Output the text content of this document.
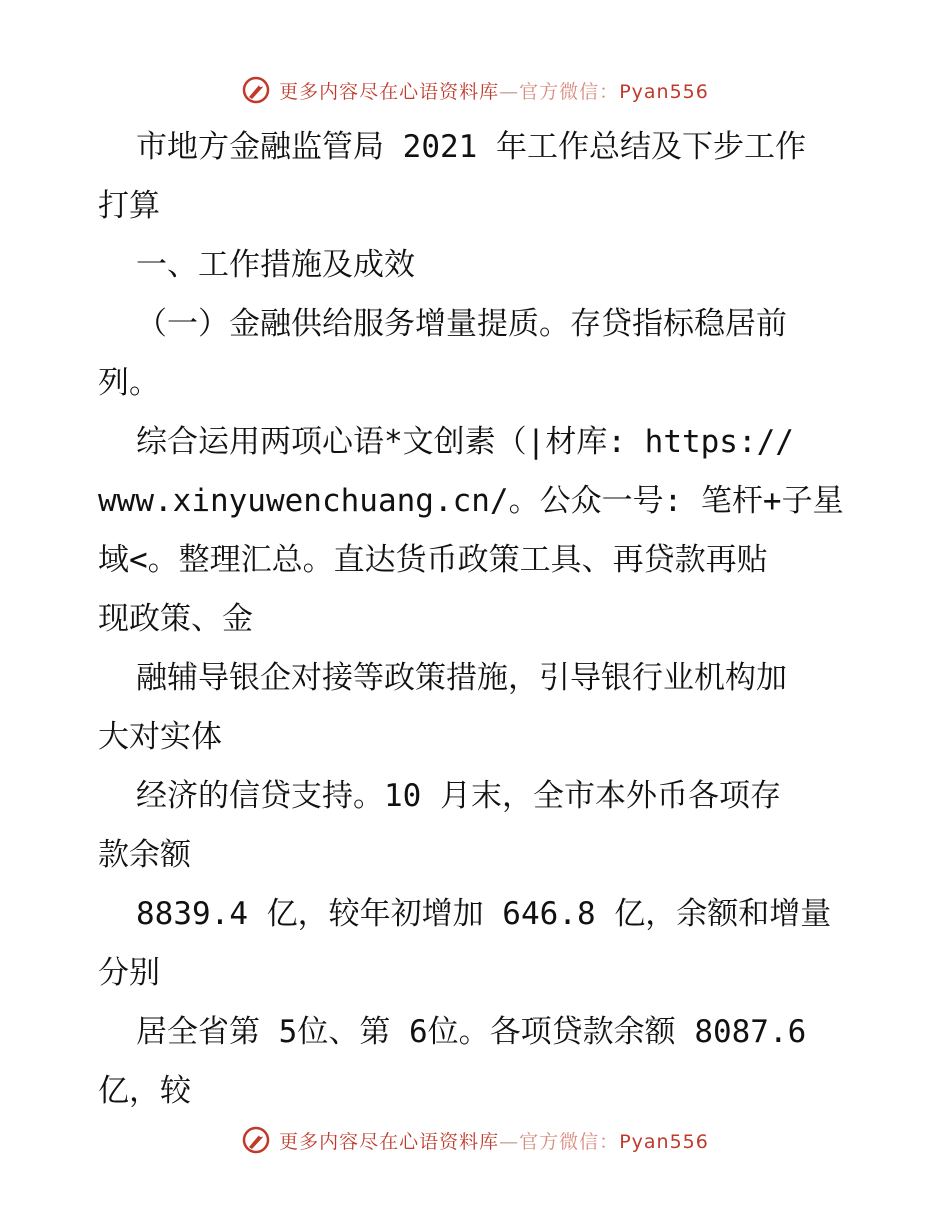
更多内容尽在心语资料库—官方微信：Pyan556
市地方金融监管局 2021 年工作总结及下步工作
打算
一、工作措施及成效
（一）金融供给服务增量提质。存贷指标稳居前
列。
综合运用两项心语*文创素（|材库: https://
www.xinyuwenchuang.cn/。公众一号: 笔杆+子星
域<。整理汇总。直达货币政策工具、再贷款再贴
现政策、金
融辅导银企对接等政策措施，引导银行业机构加
大对实体
经济的信贷支持。10 月末，全市本外币各项存
款余额
8839.4 亿，较年初增加 646.8 亿，余额和增量
分别
居全省第 5位、第 6位。各项贷款余额 8087.6
亿，较
更多内容尽在心语资料库—官方微信：Pyan556
